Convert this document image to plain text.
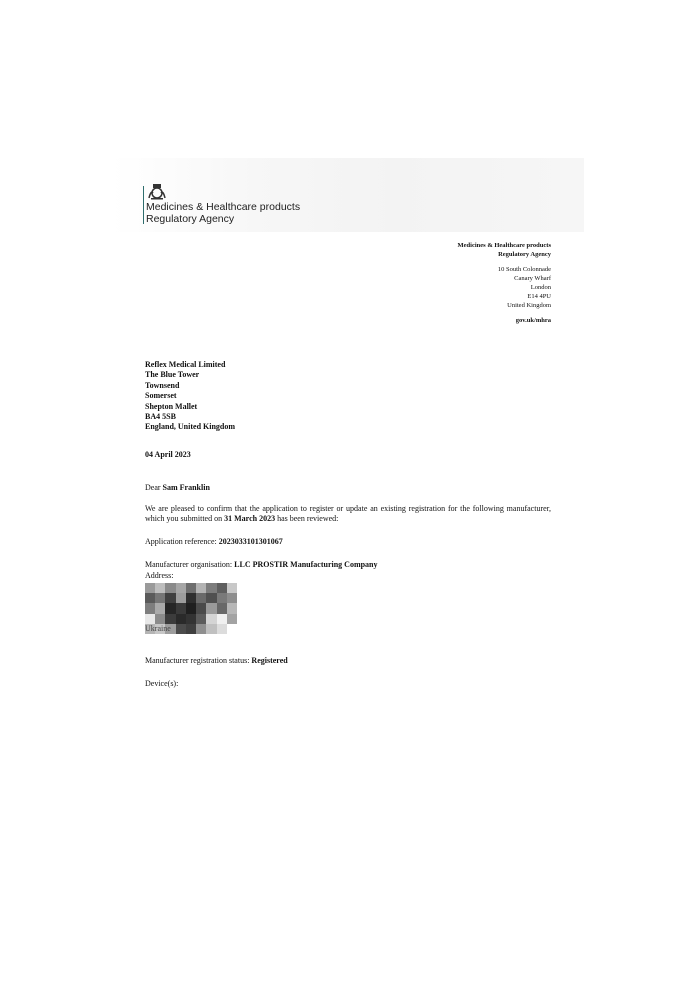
Medicines & Healthcare products
Regulatory Agency
Medicines & Healthcare products
Regulatory Agency
10 South Colonnade
Canary Wharf
London
E14 4PU
United Kingdom
gov.uk/mhra
Reflex Medical Limited
The Blue Tower
Townsend
Somerset
Shepton Mallet
BA4 5SB
England, United Kingdom
04 April 2023
Dear Sam Franklin
We are pleased to confirm that the application to register or update an existing registration for the following manufacturer, which you submitted on 31 March 2023 has been reviewed:
Application reference: 2023033101301067
Manufacturer organisation: LLC PROSTIR Manufacturing Company
Address:
Ukraine
Manufacturer registration status: Registered
Device(s):
